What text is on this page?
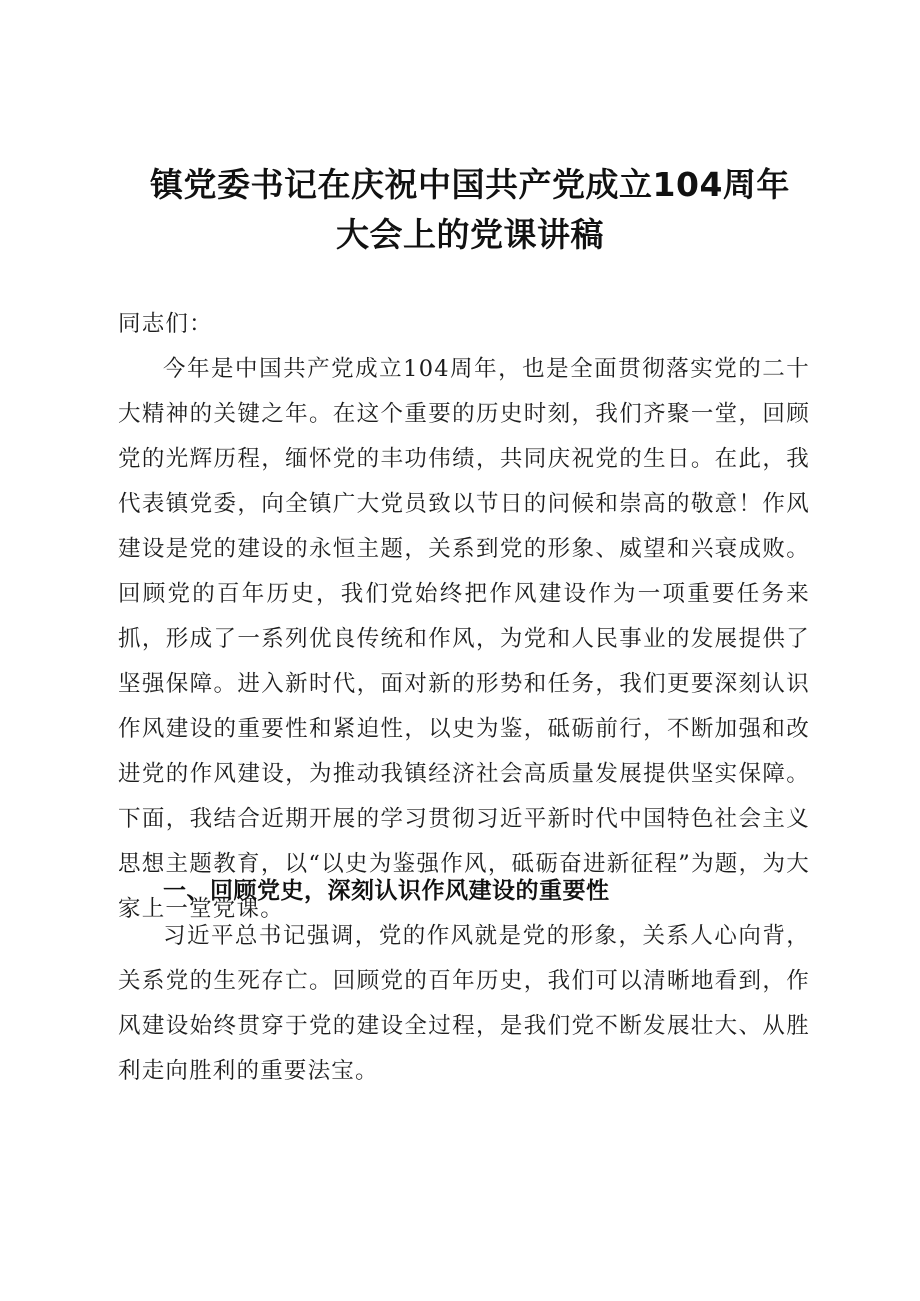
镇党委书记在庆祝中国共产党成立104周年大会上的党课讲稿

同志们：

今年是中国共产党成立104周年，也是全面贯彻落实党的二十大精神的关键之年。在这个重要的历史时刻，我们齐聚一堂，回顾党的光辉历程，缅怀党的丰功伟绩，共同庆祝党的生日。在此，我代表镇党委，向全镇广大党员致以节日的问候和崇高的敬意！作风建设是党的建设的永恒主题，关系到党的形象、威望和兴衰成败。回顾党的百年历史，我们党始终把作风建设作为一项重要任务来抓，形成了一系列优良传统和作风，为党和人民事业的发展提供了坚强保障。进入新时代，面对新的形势和任务，我们更要深刻认识作风建设的重要性和紧迫性，以史为鉴，砥砺前行，不断加强和改进党的作风建设，为推动我镇经济社会高质量发展提供坚实保障。下面，我结合近期开展的学习贯彻习近平新时代中国特色社会主义思想主题教育，以“以史为鉴强作风，砥砺奋进新征程”为题，为大家上一堂党课。

一、回顾党史，深刻认识作风建设的重要性

习近平总书记强调，党的作风就是党的形象，关系人心向背，关系党的生死存亡。回顾党的百年历史，我们可以清晰地看到，作风建设始终贯穿于党的建设全过程，是我们党不断发展壮大、从胜利走向胜利的重要法宝。
